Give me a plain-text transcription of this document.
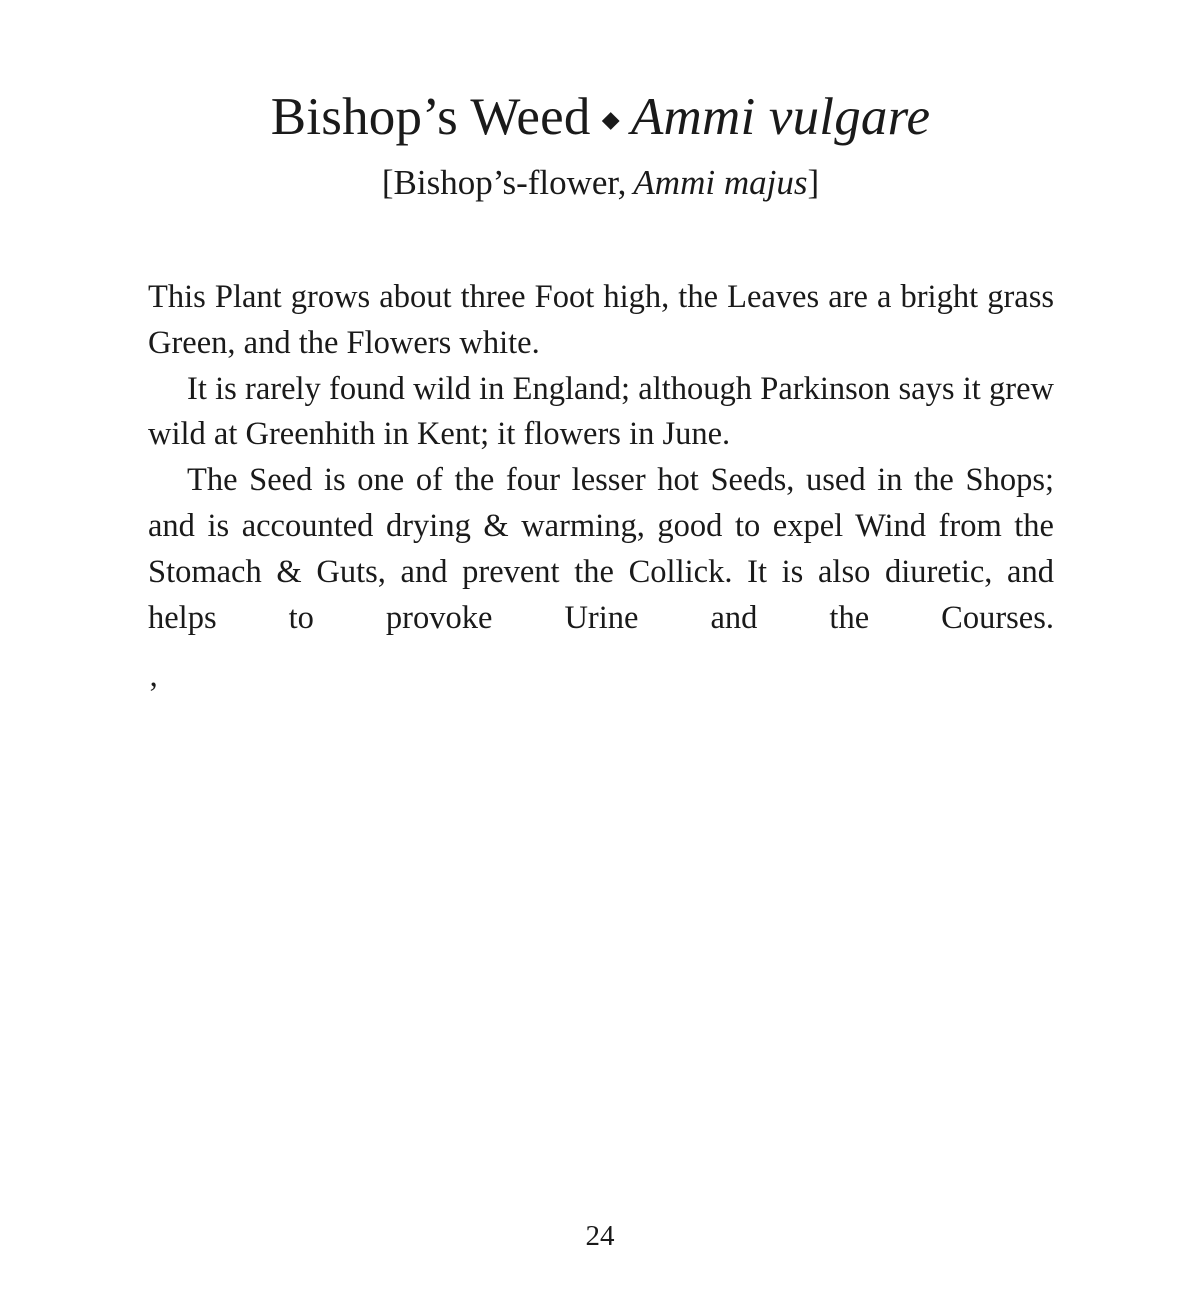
Bishop’s Weed ⬥ Ammi vulgare
[Bishop’s-flower, Ammi majus]

This Plant grows about three Foot high, the Leaves are a bright grass Green, and the Flowers white.

It is rarely found wild in England; although Parkinson says it grew wild at Greenhith in Kent; it flowers in June.

The Seed is one of the four lesser hot Seeds, used in the Shops; and is accounted drying & warming, good to expel Wind from the Stomach & Guts, and prevent the Collick. It is also diuretic, and helps to provoke Urine and the Courses.

’
24
